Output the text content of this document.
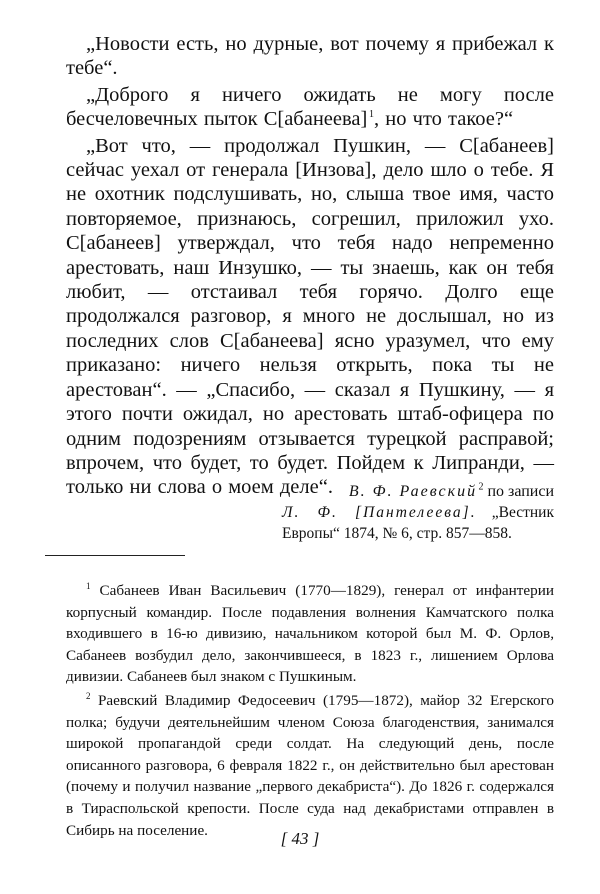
„Новости есть, но дурные, вот почему я прибежал к тебе“.

„Доброго я ничего ожидать не могу после бесчеловечных пыток С[абанеева]  $^1$, но что такое?“

„Вот что, — продолжал Пушкин, — С[абанеев] сейчас уехал от генерала [Инзова], дело шло о тебе. Я не охотник подслушивать, но, слыша твое имя, часто повторяемое, признаюсь, согрешил, приложил ухо. С[абанеев] утверждал, что тебя надо непременно арестовать, наш Инзушко, — ты знаешь, как он тебя любит, — отстаивал тебя горячо. Долго еще продолжался разговор, я много не дослышал, но из последних слов С[абанеева] ясно уразумел, что ему приказано: ничего нельзя открыть, пока ты не арестован“. — „Спасибо, — сказал я Пушкину, — я этого почти ожидал, но арестовать штаб-офицера по одним подозрениям отзывается турецкой расправой; впрочем, что будет, то будет. Пойдем к Липранди, — только ни слова о моем деле“. В. Ф. Раевский $^2$ по записи
Л. Ф. [Пантелеева]. „Вестник Европы“ 1874, № 6, стр. 857—858.

$^1$ Сабанеев Иван Васильевич (1770—1829), генерал от инфантерии корпусный командир. После подавления волнения Камчатского полка входившего в 16-ю дивизию, начальником которой был М. Ф. Орлов, Сабанеев возбудил дело, закончившееся, в 1823 г., лишением Орлова дивизии. Сабанеев был знаком с Пушкиным.

$^2$ Раевский Владимир Федосеевич (1795—1872), майор 32 Егерского полка; будучи деятельнейшим членом Союза благоденствия, занимался широкой пропагандой среди солдат. На следующий день, после описанного разговора, 6 февраля 1822 г., он действительно был арестован (почему и получил название „первого декабриста“). До 1826 г. содержался в Тираспольской крепости. После суда над декабристами отправлен в Сибирь на поселение.	[ 43 ]
